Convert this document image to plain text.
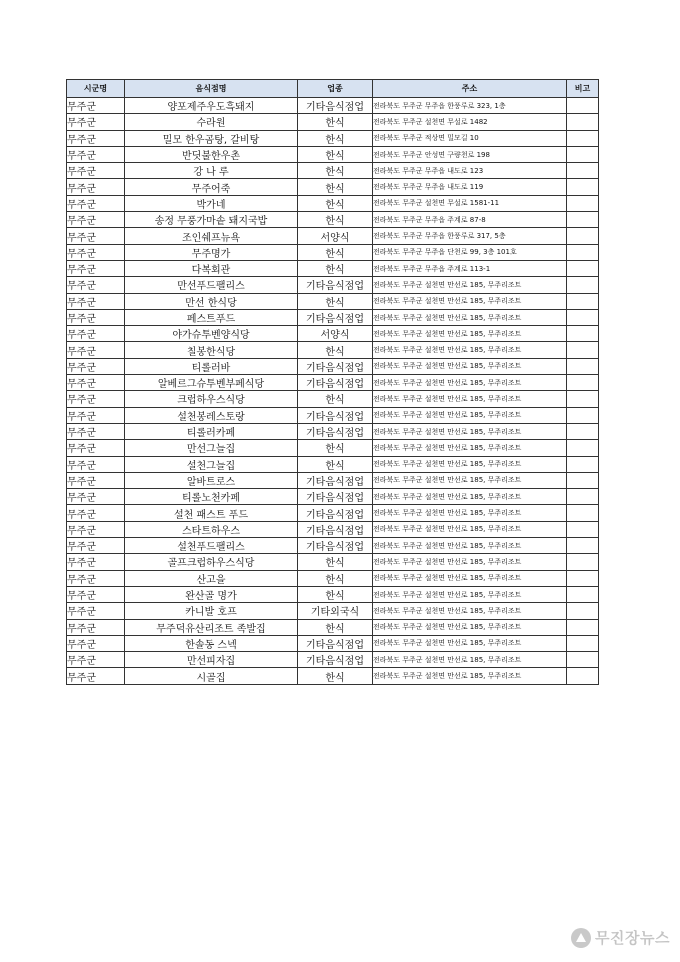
시군명	음식점명	업종	주소	비고
무주군	양포제주우도흑돼지	기타음식점업	전라북도 무주군 무주읍 한풍루로 323, 1층	
무주군	수라원	한식	전라북도 무주군 설천면 무설로 1482	
무주군	밀모 한우곰탕, 갈비탕	한식	전라북도 무주군 적상면 밀모길 10	
무주군	반딧불한우촌	한식	전라북도 무주군 안성면 구량천로 198	
무주군	강 나 루	한식	전라북도 무주군 무주읍 내도로 123	
무주군	무주어죽	한식	전라북도 무주군 무주읍 내도로 119	
무주군	박가네	한식	전라북도 무주군 설천면 무설로 1581-11	
무주군	송정 무풍가마솥 돼지국밥	한식	전라북도 무주군 무주읍 주계로 87-8	
무주군	조인쉐프뉴욕	서양식	전라북도 무주군 무주읍 한풍루로 317, 5층	
무주군	무주명가	한식	전라북도 무주군 무주읍 단천로 99, 3층 101호	
무주군	다복회관	한식	전라북도 무주군 무주읍 주계로 113-1	
무주군	만선푸드팰리스	기타음식점업	전라북도 무주군 설천면 만선로 185, 무주리조트	
무주군	만선 한식당	한식	전라북도 무주군 설천면 만선로 185, 무주리조트	
무주군	페스트푸드	기타음식점업	전라북도 무주군 설천면 만선로 185, 무주리조트	
무주군	야가슈투벤양식당	서양식	전라북도 무주군 설천면 만선로 185, 무주리조트	
무주군	칠봉한식당	한식	전라북도 무주군 설천면 만선로 185, 무주리조트	
무주군	티롤러바	기타음식점업	전라북도 무주군 설천면 만선로 185, 무주리조트	
무주군	알베르그슈투벤부페식당	기타음식점업	전라북도 무주군 설천면 만선로 185, 무주리조트	
무주군	크럽하우스식당	한식	전라북도 무주군 설천면 만선로 185, 무주리조트	
무주군	설천봉레스토랑	기타음식점업	전라북도 무주군 설천면 만선로 185, 무주리조트	
무주군	티롤러카페	기타음식점업	전라북도 무주군 설천면 만선로 185, 무주리조트	
무주군	만선그늘집	한식	전라북도 무주군 설천면 만선로 185, 무주리조트	
무주군	설천그늘집	한식	전라북도 무주군 설천면 만선로 185, 무주리조트	
무주군	알바트로스	기타음식점업	전라북도 무주군 설천면 만선로 185, 무주리조트	
무주군	티롤노천카페	기타음식점업	전라북도 무주군 설천면 만선로 185, 무주리조트	
무주군	설천 패스트 푸드	기타음식점업	전라북도 무주군 설천면 만선로 185, 무주리조트	
무주군	스타트하우스	기타음식점업	전라북도 무주군 설천면 만선로 185, 무주리조트	
무주군	설천푸드팰리스	기타음식점업	전라북도 무주군 설천면 만선로 185, 무주리조트	
무주군	골프크럽하우스식당	한식	전라북도 무주군 설천면 만선로 185, 무주리조트	
무주군	산고을	한식	전라북도 무주군 설천면 만선로 185, 무주리조트	
무주군	완산골 명가	한식	전라북도 무주군 설천면 만선로 185, 무주리조트	
무주군	카니발 호프	기타외국식	전라북도 무주군 설천면 만선로 185, 무주리조트	
무주군	무주덕유산리조트 족발집	한식	전라북도 무주군 설천면 만선로 185, 무주리조트	
무주군	한솔동 스넥	기타음식점업	전라북도 무주군 설천면 만선로 185, 무주리조트	
무주군	만선피자집	기타음식점업	전라북도 무주군 설천면 만선로 185, 무주리조트	
무주군	시골집	한식	전라북도 무주군 설천면 만선로 185, 무주리조트	
무진장뉴스
